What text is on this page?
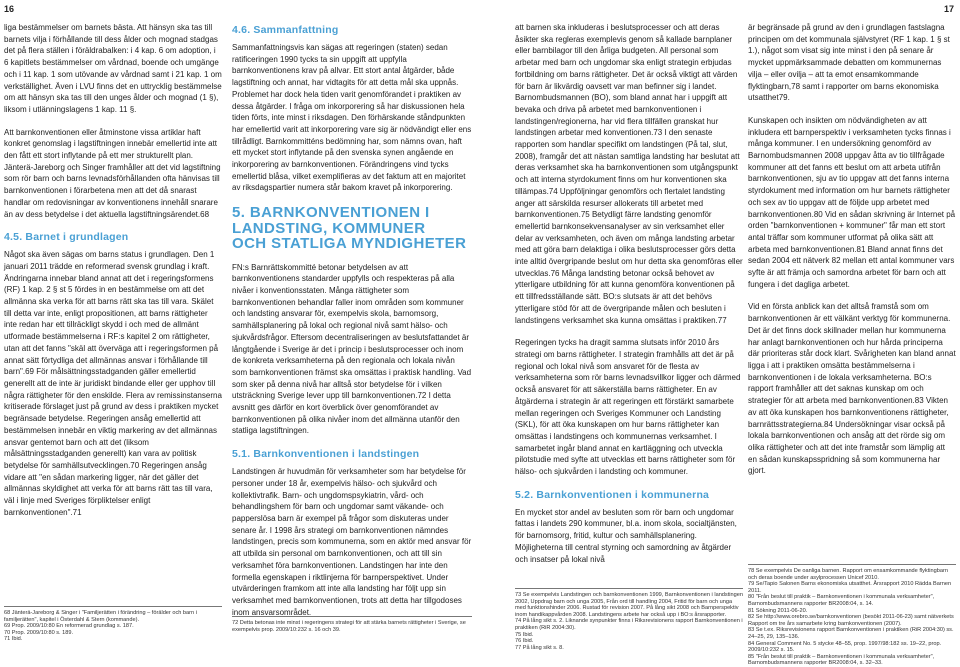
16

liga bestämmelser om barnets bästa. Att hänsyn ska tas till barnets vilja i förhållande till dess ålder och mognad stadgas det på flera ställen i föräldrabalken: i 4 kap. 6 om adoption, i 6 kapitlets bestämmelser om vårdnad, boende och umgänge och i 11 kap. 1 som utövande av vårdnad samt i 21 kap. 1 om verkställighet. Även i LVU finns det en uttrycklig bestämmelse om att hänsyn ska tas till den unges ålder och mognad (1 §), liksom i utlänningslagens 1 kap. 11 §.

Att barnkonventionen eller åtminstone vissa artiklar haft konkret genomslag i lagstiftningen innebär emellertid inte att den fått ett stort inflytande på ett mer strukturellt plan. Jänterä-Jareborg och Singer framhåller att det vid lagstiftning som rör barn och barns levnadsförhållanden ofta hänvisas till barnkonventionen i förarbetena men att det då snarast handlar om redovisningar av konventionens innehåll snarare än av dess betydelse i det aktuella lagstiftningsärendet.68

4.5. Barnet i grundlagen

Något ska även sägas om barns status i grundlagen. Den 1 januari 2011 trädde en reformerad svensk grundlag i kraft. Ändringarna innebar bland annat att det i regeringsformens (RF) 1 kap. 2 § st 5 fördes in en bestämmelse om att det allmänna ska verka för att barns rätt ska tas till vara. Skälet till detta var inte, enligt propositionen, att barns rättigheter inte redan har ett tillräckligt skydd i och med de allmänt utformade bestämmelserna i RF:s kapitel 2 om rättigheter, utan att det fanns "skäl att överväga att i regeringsformen på annat sätt förtydliga det allmännas ansvar i förhållande till barn".69 För målsättningsstadganden gäller emellertid generellt att de inte är juridiskt bindande eller ger upphov till några rättigheter för den enskilde. Flera av remissinstanserna kritiserade förslaget just på grund av dess i praktiken mycket begränsade betydelse. Regeringen ansåg emellertid att bestämmelsen innebär en viktig markering av det allmännas ansvar gentemot barn och att det (liksom målsättningsstadganden generellt) kan vara av politisk betydelse för samhällsutvecklingen.70 Regeringen ansåg vidare att "en sådan markering ligger, när det gäller det allmännas skyldighet att verka för att barns rätt tas till vara, väl i linje med Sveriges förpliktelser enligt barnkonventionen".71

68 Jänterä-Jareborg & Singer i "Familjerätten i förändring – förälder och barn i familjerätten", kapitel i Österdahl & Stern (kommande).
69 Prop. 2009/10:80 En reformerad grundlag s. 187.
70 Prop. 2009/10:80 s. 189.
71 Ibid.
4.6. Sammanfattning

Sammanfattningsvis kan sägas att regeringen (staten) sedan ratificeringen 1990 tycks ta sin uppgift att uppfylla barnkonventionens krav på allvar. Ett stort antal åtgärder, både lagstiftning och annat, har vidtagits för att detta mål ska uppnås. Problemet har dock hela tiden varit genomförandet i praktiken av dessa åtgärder. I fråga om inkorporering så har diskussionen hela tiden förts, inte minst i riksdagen. Den förhärskande ståndpunkten har emellertid varit att inkorporering vare sig är nödvändigt eller ens tillrådligt. Barnkommitténs bedömning har, som nämns ovan, haft ett mycket stort inflytande på den svenska synen angående en inkorporering av barnkonventionen. Förändringens vind tycks emellertid blåsa, vilket exemplifieras av det faktum att en majoritet av riksdagspartier numera står bakom kravet på inkorporering.

5. BARNKONVENTIONEN I
LANDSTING, KOMMUNER
OCH STATLIGA MYNDIGHETER

FN:s Barnrättskommitté betonar betydelsen av att barnkonventionens standarder uppfylls och respekteras på alla nivåer i konventionsstaten. Många rättigheter som barnkonventionen behandlar faller inom områden som kommuner och landsting ansvarar för, exempelvis skola, barnomsorg, samhällsplanering på lokal och regional nivå samt hälso- och sjukvårdsfrågor. Eftersom decentraliseringen av beslutsfattandet är långtgående i Sverige är det i princip i beslutsprocesser och inom de konkreta verksamheterna på den regionala och lokala nivån som barnkonventionen främst ska omsättas i praktisk handling. Vad som sker på denna nivå har alltså stor betydelse för i vilken utsträckning Sverige lever upp till barnkonventionen.72 I detta avsnitt ges därför en kort överblick över genomförandet av barnkonventionen på olika nivåer inom det allmänna utanför den statliga lagstiftningen.

5.1. Barnkonventionen i landstingen

Landstingen är huvudmän för verksamheter som har betydelse för personer under 18 år, exempelvis hälso- och sjukvård och kollektivtrafik. Barn- och ungdomspsykiatrin, vård- och behandlingshem för barn och ungdomar samt väkande- och papperslösa barn är exempel på frågor som diskuteras under senare år. I 1998 års strategi om barnkonventionen nämndes landstingen, precis som kommunerna, som en aktör med ansvar för att utbilda sin personal om barnkonventionen, och att till sin verksamhet föra barnkonventionen. Landstingen har inte den formella egenskapen i riktlinjerna för barnperspektivet. Under utvärderingen framkom att inte alla landsting har följt upp sin verksamhet med barnkonventionen, trots att detta har tillgodoses inom ansvarsområdet.

72 Detta betonas inte minst i regeringens strategi för att stärka barnets rättigheter i Sverige, se exempelvis prop. 2009/10:232 s. 16 och 39.
17

att barnen ska inkluderas i beslutsprocesser och att deras åsikter ska regleras exemplevis genom så kallade barnplaner eller barnbilagor till den årliga budgeten. All personal som arbetar med barn och ungdomar ska enligt strategin erbjudas fortbildning om barns rättigheter. Det är också viktigt att värden för barn är likvärdig oavsett var man befinner sig i landet. Barnombudsmannen (BO), som bland annat har i uppgift att bevaka och driva på arbetet med barnkonventionen i landstingen/regionerna, har vid flera tillfällen granskat hur landstingen arbetar med konventionen.73 I den senaste rapporten som handlar specifikt om landstingen (På tal, slut, 2008), framgår det att nästan samtliga landsting har beslutat att deras verksamhet ska ha barnkonventionen som utgångspunkt och att interna styrdokument finns om hur konventionen ska tillämpas.74 Uppföljningar genomförs och flertalet landsting anger att särskilda resurser allokerats till arbetet med barnkonventionen.75 Betydligt färre landsting genomför emellertid barnkonsekvensanalyser av sin verksamhet eller delar av verksamheten, och även om många landsting arbetar med att göra barn delaktiga i olika beslutsprocesser görs detta inte alltid övergripande beslut om hur detta ska genomföras eller utvecklas.76 Många landsting betonar också behovet av ytterligare utbildning för att kunna genomföra konventionen på ett tillfredsställande sätt. BO:s slutsats är att det behövs ytterligare stöd för att de övergripande målen och besluten i landstingens verksamhet ska kunna omsättas i praktiken.77

Regeringen tycks ha dragit samma slutsats inför 2010 års strategi om barns rättigheter. I strategin framhålls att det är på regional och lokal nivå som ansvaret för de flesta av verksamheterna som rör barns levnadsvillkor ligger och därmed också ansvaret för att säkerställa barns rättigheter. En av åtgärderna i strategin är att regeringen ett förstärkt samarbete mellan regeringen och Sveriges Kommuner och Landsting (SKL), för att öka kunskapen om hur barns rättigheter kan omsättas i landstingens och kommunernas verksamhet. I samarbetet ingår bland annat en kartläggning och utveckla pilotstudie med syfte att utvecklas ett barns rättigheter som för hälso- och sjukvården i landsting och kommuner.

5.2. Barnkonventionen i kommunerna

En mycket stor andel av besluten som rör barn och ungdomar fattas i landets 290 kommuner, bl.a. inom skola, socialtjänsten, för barnomsorg, fritid, kultur och samhällsplanering. Möjligheterna till central styrning och samordning av åtgärder och insatser på lokal nivå

73 Se exempelvis Landstingen och barnkonventionen 1999, Barnkonventionen i landstingen 2002, Uppdrag barn och unga 2005, Från ord till handling 2004, Fritid för barn och unga med funktionshinder 2006. Rustad för revision 2007. På lång sikt 2008 och Barnperspektiv inom handikappvården 2008. Landstingens arbete har också upp i BO:s årsrapporter.
74 På lång sikt s. 2. Liknande synpunkter finns i Riksrevisionens rapport Barnkonventionen i praktiken (RiR 2004:30).
75 Ibid.
76 Ibid.
77 På lång sikt s. 8.

är begränsade på grund av den i grundlagen fastslagna principen om det kommunala självstyret (RF 1 kap. 1 § st 1.), något som visat sig inte minst i den på senare år mycket uppmärksammade debatten om kommunernas vilja – eller ovilja – att ta emot ensamkommande flyktingbarn,78 samt i rapporter om barns ekonomiska utsatthet79.

Kunskapen och insikten om nödvändigheten av att inkludera ett barnperspektiv i verksamheten tycks finnas i många kommuner. I en undersökning genomförd av Barnombudsmannen 2008 uppgav åtta av tio tillfrågade kommuner att det fanns ett beslut om att arbeta utifrån barnkonventionen, sju av tio uppgav att det fanns interna styrdokument med information om hur barnets rättigheter och sex av tio uppgav att de följde upp arbetet med barnkonventionen.80 Vid en sådan skrivning är Internet på orden "barnkonventionen + kommuner" får man ett stort antal träffar som kommuner utformat på olika sätt att arbeta med barnkonventionen.81 Bland annat finns det sedan 2004 ett nätverk 82 mellan ett antal kommuner vars syfte är att främja och samordna arbetet för barn och att fungera i det dagliga arbetet.

Vid en första anblick kan det alltså framstå som om barnkonventionen är ett välkänt verktyg för kommunerna. Det är det finns dock skillnader mellan hur kommunerna har anlagt barnkonventionen och hur hårda principerna där prioriteras står dock klart. Svårigheten kan bland annat ligga i att i praktiken omsätta bestämmelserna i barnkonventionen i de lokala verksamheterna. BO:s rapport framhåller att det saknas kunskap om och strategier för att arbeta med barnkonventionen.83 Vikten av att öka kunskapen hos barnkonventionens rättigheter, barnrättsstrategierna.84 Undersökningar visar också på lokala barnkonventionen och ansåg att det rörde sig om olika rättigheter och att det inte framstår som lämplig att en sådan kunskapsspridning så som kommunerna har gjort.

78 Se exempelvis De oanliga barnen. Rapport om ensamkommande flyktingbarn och deras boende under asylprocessen Unicef 2010.
79 Se/Tapio Salonen Barns ekonomiska utsatthet. Årsrapport 2010 Rädda Barnen 2011.
80 "Från beslut till praktik – Barnkonventionen i kommunala verksamheter", Barnombudsmannens rapporter BR2008:04, s. 14.
81 Sökning 2011-06-20.
82 Se http://www.orebro.se/barnkonventionen (besökt 2011-06-23) samt nätverkets Rapport om tre års samarbete kring barnkonventionen (2007).
83 Se t.ex. Riksrevisionens rapport Barnkonventionen i praktiken (RiR 2004:30) ss. 24–25, 29, 135–136.
84 General Comment No. 5 styckе 48–55, prop. 1997/98:182 ss. 19–22, prop. 2009/10:232 s. 15.
85 "Från beslut till praktik – Barnkonventionen i kommunala verksamheter", Barnombudsmannens rapporter BR2008:04, s. 32–33.
